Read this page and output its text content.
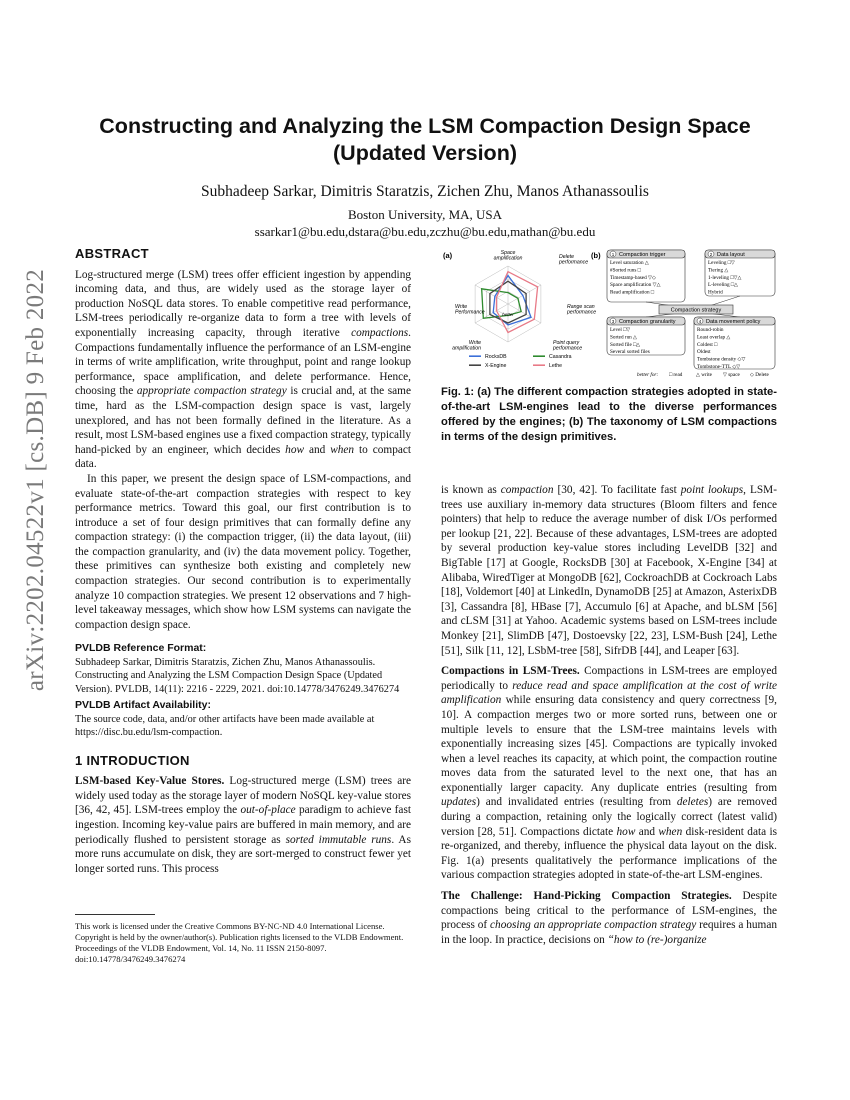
arXiv:2202.04522v1 [cs.DB] 9 Feb 2022
Constructing and Analyzing the LSM Compaction Design Space
(Updated Version)
Subhadeep Sarkar, Dimitris Staratzis, Zichen Zhu, Manos Athanassoulis
Boston University, MA, USA
ssarkar1@bu.edu,dstara@bu.edu,zczhu@bu.edu,mathan@bu.edu
ABSTRACT

Log-structured merge (LSM) trees offer efficient ingestion by appending incoming data, and thus, are widely used as the storage layer of production NoSQL data stores. To enable competitive read performance, LSM-trees periodically re-organize data to form a tree with levels of exponentially increasing capacity, through iterative compactions. Compactions fundamentally influence the performance of an LSM-engine in terms of write amplification, write throughput, point and range lookup performance, space amplification, and delete performance. Hence, choosing the appropriate compaction strategy is crucial and, at the same time, hard as the LSM-compaction design space is vast, largely unexplored, and has not been formally defined in the literature. As a result, most LSM-based engines use a fixed compaction strategy, typically hand-picked by an engineer, which decides how and when to compact data.

In this paper, we present the design space of LSM-compactions, and evaluate state-of-the-art compaction strategies with respect to key performance metrics. Toward this goal, our first contribution is to introduce a set of four design primitives that can formally define any compaction strategy: (i) the compaction trigger, (ii) the data layout, (iii) the compaction granularity, and (iv) the data movement policy. Together, these primitives can synthesize both existing and completely new compaction strategies. Our second contribution is to experimentally analyze 10 compaction strategies. We present 12 observations and 7 high-level takeaway messages, which show how LSM systems can navigate the compaction design space.

PVLDB Reference Format:

Subhadeep Sarkar, Dimitris Staratzis, Zichen Zhu, Manos Athanassoulis. Constructing and Analyzing the LSM Compaction Design Space (Updated Version). PVLDB, 14(11): 2216 - 2229, 2021. doi:10.14778/3476249.3476274

PVLDB Artifact Availability:

The source code, data, and/or other artifacts have been made available at https://disc.bu.edu/lsm-compaction.

1 INTRODUCTION

LSM-based Key-Value Stores. Log-structured merge (LSM) trees are widely used today as the storage layer of modern NoSQL key-value stores [36, 42, 45]. LSM-trees employ the out-of-place paradigm to achieve fast ingestion. Incoming key-value pairs are buffered in main memory, and are periodically flushed to persistent storage as sorted immutable runs. As more runs accumulate on disk, they are sort-merged to construct fewer yet longer sorted runs. This process

This work is licensed under the Creative Commons BY-NC-ND 4.0 International License. Copyright is held by the owner/author(s). Publication rights licensed to the VLDB Endowment.
Proceedings of the VLDB Endowment, Vol. 14, No. 11 ISSN 2150-8097.
doi:10.14778/3476249.3476274
(a)	(b)
Space amplification	Delete performance
Range scan performance
Point query performance
Write amplification
Write Performance	better
RocksDB	Casandra
X-Engine	Lethe
1 Compaction trigger
Level saturation △
#Sorted runs □
Timestamp-based ▽◇
Space amplification ▽△
Read amplification □
2 Data layout
Leveling □▽
Tiering △
1-leveling □▽△
L-leveling □△
Hybrid
Compaction strategy
3 Compaction granularity
Level □▽
Sorted run △
Sorted file □△
Several sorted files
4 Data movement policy
Round-robin
Least overlap △
Coldest □
Oldest
Tombstone density ◇▽
Tombstone-TTL ◇▽
better for: □ read	△ write ▽ space ◇ Delete
Fig. 1: (a) The different compaction strategies adopted in state-of-the-art LSM-engines lead to the diverse performances offered by the engines; (b) The taxonomy of LSM compactions in terms of the design primitives.

is known as compaction [30, 42]. To facilitate fast point lookups, LSM-trees use auxiliary in-memory data structures (Bloom filters and fence pointers) that help to reduce the average number of disk I/Os performed per lookup [21, 22]. Because of these advantages, LSM-trees are adopted by several production key-value stores including LevelDB [32] and BigTable [17] at Google, RocksDB [30] at Facebook, X-Engine [34] at Alibaba, WiredTiger at MongoDB [62], CockroachDB at Cockroach Labs [18], Voldemort [40] at LinkedIn, DynamoDB [25] at Amazon, AsterixDB [3], Cassandra [8], HBase [7], Accumulo [6] at Apache, and bLSM [56] and cLSM [31] at Yahoo. Academic systems based on LSM-trees include Monkey [21], SlimDB [47], Dostoevsky [22, 23], LSM-Bush [24], Lethe [51], Silk [11, 12], LSbM-tree [58], SifrDB [44], and Leaper [63].

Compactions in LSM-Trees. Compactions in LSM-trees are employed periodically to reduce read and space amplification at the cost of write amplification while ensuring data consistency and query correctness [9, 10]. A compaction merges two or more sorted runs, between one or multiple levels to ensure that the LSM-tree maintains levels with exponentially increasing sizes [45]. Compactions are typically invoked when a level reaches its capacity, at which point, the compaction routine moves data from the saturated level to the next one, that has an exponentially larger capacity. Any duplicate entries (resulting from updates) and invalidated entries (resulting from deletes) are removed during a compaction, retaining only the logically correct (latest valid) version [28, 51]. Compactions dictate how and when disk-resident data is re-organized, and thereby, influence the physical data layout on the disk. Fig. 1(a) presents qualitatively the performance implications of the various compaction strategies adopted in state-of-the-art LSM-engines.

The Challenge: Hand-Picking Compaction Strategies. Despite compactions being critical to the performance of LSM-engines, the process of choosing an appropriate compaction strategy requires a human in the loop. In practice, decisions on “how to (re-)organize
